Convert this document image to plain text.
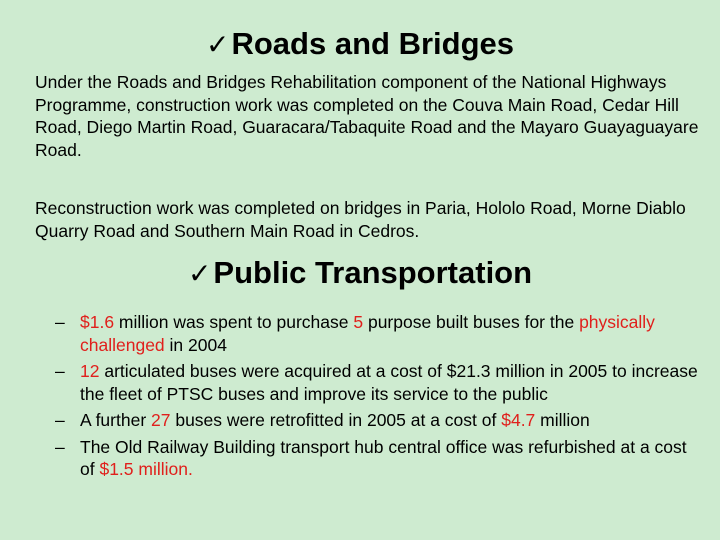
✓Roads and Bridges

Under the Roads and Bridges Rehabilitation component of the National Highways Programme, construction work was completed on the Couva Main Road, Cedar Hill Road, Diego Martin Road, Guaracara/Tabaquite Road and the Mayaro Guayaguayare Road.

Reconstruction work was completed on bridges in Paria, Hololo Road, Morne Diablo Quarry Road and Southern Main Road in Cedros.

✓Public Transportation
– $1.6 million was spent to purchase 5 purpose built buses for the physically challenged in 2004
– 12 articulated buses were acquired at a cost of $21.3 million in 2005 to increase the fleet of PTSC buses and improve its service to the public
– A further 27 buses were retrofitted in 2005 at a cost of $4.7 million
– The Old Railway Building transport hub central office was refurbished at a cost of $1.5 million.
